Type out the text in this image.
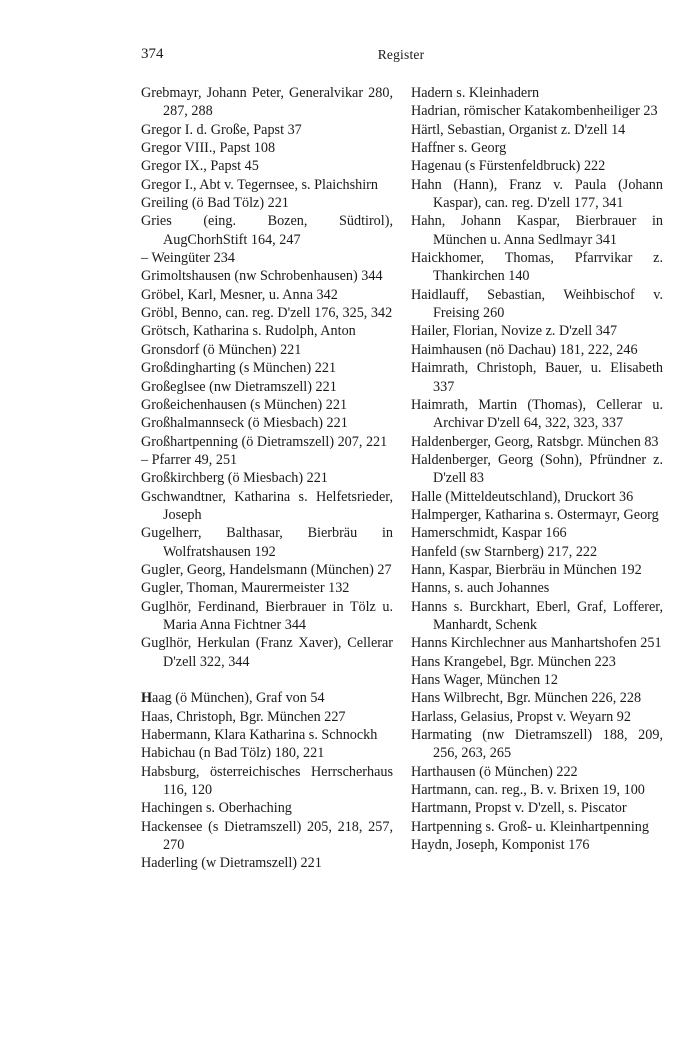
374	Register

Grebmayr, Johann Peter, Generalvikar 280, 287, 288

Gregor I. d. Große, Papst 37

Gregor VIII., Papst 108

Gregor IX., Papst 45

Gregor I., Abt v. Tegernsee, s. Plaichshirn

Greiling (ö Bad Tölz) 221

Gries (eing. Bozen, Südtirol), AugChorhStift 164, 247

– Weingüter 234

Grimoltshausen (nw Schrobenhausen) 344

Gröbel, Karl, Mesner, u. Anna 342

Gröbl, Benno, can. reg. D'zell 176, 325, 342

Grötsch, Katharina s. Rudolph, Anton

Gronsdorf (ö München) 221

Großdingharting (s München) 221

Großeglsee (nw Dietramszell) 221

Großeichenhausen (s München) 221

Großhalmannseck (ö Miesbach) 221

Großhartpenning (ö Dietramszell) 207, 221

– Pfarrer 49, 251

Großkirchberg (ö Miesbach) 221

Gschwandtner, Katharina s. Helfetsrieder, Joseph

Gugelherr, Balthasar, Bierbräu in Wolfratshausen 192

Gugler, Georg, Handelsmann (München) 27

Gugler, Thoman, Maurermeister 132

Guglhör, Ferdinand, Bierbrauer in Tölz u. Maria Anna Fichtner 344

Guglhör, Herkulan (Franz Xaver), Cellerar D'zell 322, 344

Haag (ö München), Graf von 54

Haas, Christoph, Bgr. München 227

Habermann, Klara Katharina s. Schnockh

Habichau (n Bad Tölz) 180, 221

Habsburg, österreichisches Herrscherhaus 116, 120

Hachingen s. Oberhaching

Hackensee (s Dietramszell) 205, 218, 257, 270

Haderling (w Dietramszell) 221

Hadern s. Kleinhadern

Hadrian, römischer Katakombenheiliger 23

Härtl, Sebastian, Organist z. D'zell 14

Haffner s. Georg

Hagenau (s Fürstenfeldbruck) 222

Hahn (Hann), Franz v. Paula (Johann Kaspar), can. reg. D'zell 177, 341

Hahn, Johann Kaspar, Bierbrauer in München u. Anna Sedlmayr 341

Haickhomer, Thomas, Pfarrvikar z. Thankirchen 140

Haidlauff, Sebastian, Weihbischof v. Freising 260

Hailer, Florian, Novize z. D'zell 347

Haimhausen (nö Dachau) 181, 222, 246

Haimrath, Christoph, Bauer, u. Elisabeth 337

Haimrath, Martin (Thomas), Cellerar u. Archivar D'zell 64, 322, 323, 337

Haldenberger, Georg, Ratsbgr. München 83

Haldenberger, Georg (Sohn), Pfründner z. D'zell 83

Halle (Mitteldeutschland), Druckort 36

Halmperger, Katharina s. Ostermayr, Georg

Hamerschmidt, Kaspar 166

Hanfeld (sw Starnberg) 217, 222

Hann, Kaspar, Bierbräu in München 192

Hanns, s. auch Johannes

Hanns s. Burckhart, Eberl, Graf, Lofferer, Manhardt, Schenk

Hanns Kirchlechner aus Manhartshofen 251

Hans Krangebel, Bgr. München 223

Hans Wager, München 12

Hans Wilbrecht, Bgr. München 226, 228

Harlass, Gelasius, Propst v. Weyarn 92

Harmating (nw Dietramszell) 188, 209, 256, 263, 265

Harthausen (ö München) 222

Hartmann, can. reg., B. v. Brixen 19, 100

Hartmann, Propst v. D'zell, s. Piscator

Hartpenning s. Groß- u. Kleinhartpenning

Haydn, Joseph, Komponist 176
